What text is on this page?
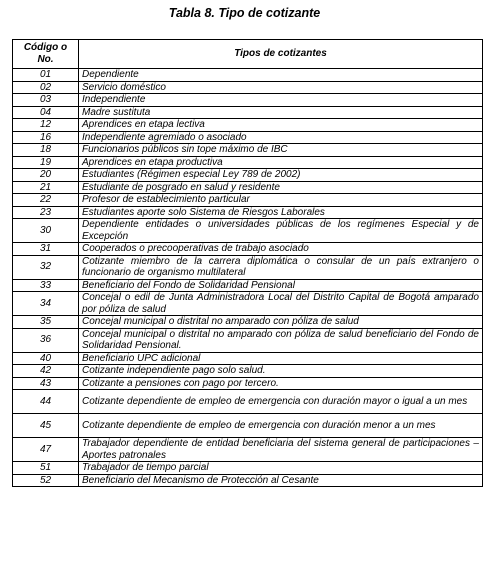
Tabla 8. Tipo de cotizante
Código o No.	Tipos de cotizantes
01	Dependiente
02	Servicio doméstico
03	Independiente
04	Madre sustituta
12	Aprendices en etapa lectiva
16	Independiente agremiado o asociado
18	Funcionarios públicos sin tope máximo de IBC
19	Aprendices en etapa productiva
20	Estudiantes (Régimen especial Ley 789 de 2002)
21	Estudiante de posgrado en salud y residente
22	Profesor de establecimiento particular
23	Estudiantes aporte solo Sistema de Riesgos Laborales
30	Dependiente entidades o universidades públicas de los regímenes Especial y de Excepción
31	Cooperados o precooperativas de trabajo asociado
32	Cotizante miembro de la carrera diplomática o consular de un país extranjero o funcionario de organismo multilateral
33	Beneficiario del Fondo de Solidaridad Pensional
34	Concejal o edil de Junta Administradora Local del Distrito Capital de Bogotá amparado por póliza de salud
35	Concejal municipal o distrital no amparado con póliza de salud
36	Concejal municipal o distrital no amparado con póliza de salud beneficiario del Fondo de Solidaridad Pensional.
40	Beneficiario UPC adicional
42	Cotizante independiente pago solo salud.
43	Cotizante a pensiones con pago por tercero.
44	Cotizante dependiente de empleo de emergencia con duración mayor o igual a un mes
45	Cotizante dependiente de empleo de emergencia con duración menor a un mes
47	Trabajador dependiente de entidad beneficiaria del sistema general de participaciones – Aportes patronales
51	Trabajador de tiempo parcial
52	Beneficiario del Mecanismo de Protección al Cesante
